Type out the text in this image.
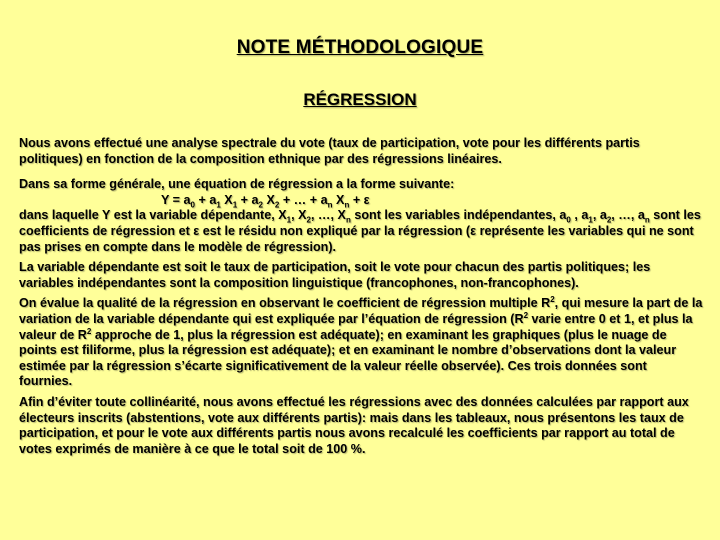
NOTE MÉTHODOLOGIQUE
RÉGRESSION

Nous avons effectué une analyse spectrale du vote (taux de participation, vote pour les différents partis politiques) en fonction de la composition ethnique par des régressions linéaires.

Dans sa forme générale, une équation de régression a la forme suivante:
$Y = a_0 + a_1$ $X_1 + a_2$ $X_2$ + … + $a_n$ $X_n + \varepsilon$
dans laquelle Y est la variable dépendante, $X_1$, $X_2$, …, $X_n$ sont les variables indépendantes, $a_0$ , $a_1$, $a_2$, …, $a_n$ sont les coefficients de régression et ε est le résidu non expliqué par la régression (ε représente les variables qui ne sont pas prises en compte dans le modèle de régression).

La variable dépendante est soit le taux de participation, soit le vote pour chacun des partis politiques; les variables indépendantes sont la composition linguistique (francophones, non-francophones).

On évalue la qualité de la régression en observant le coefficient de régression multiple $R^2$, qui mesure la part de la variation de la variable dépendante qui est expliquée par l’équation de régression ($R^2$ varie entre 0 et 1, et plus la valeur de $R^2$ approche de 1, plus la régression est adéquate); en examinant les graphiques (plus le nuage de points est filiforme, plus la régression est adéquate); et en examinant le nombre d’observations dont la valeur estimée par la régression s’écarte significativement de la valeur réelle observée). Ces trois données sont fournies.

Afin d’éviter toute collinéarité, nous avons effectué les régressions avec des données calculées par rapport aux électeurs inscrits (abstentions, vote aux différents partis): mais dans les tableaux, nous présentons les taux de participation, et pour le vote aux différents partis nous avons recalculé les coefficients par rapport au total de votes exprimés de manière à ce que le total soit de 100 %.
